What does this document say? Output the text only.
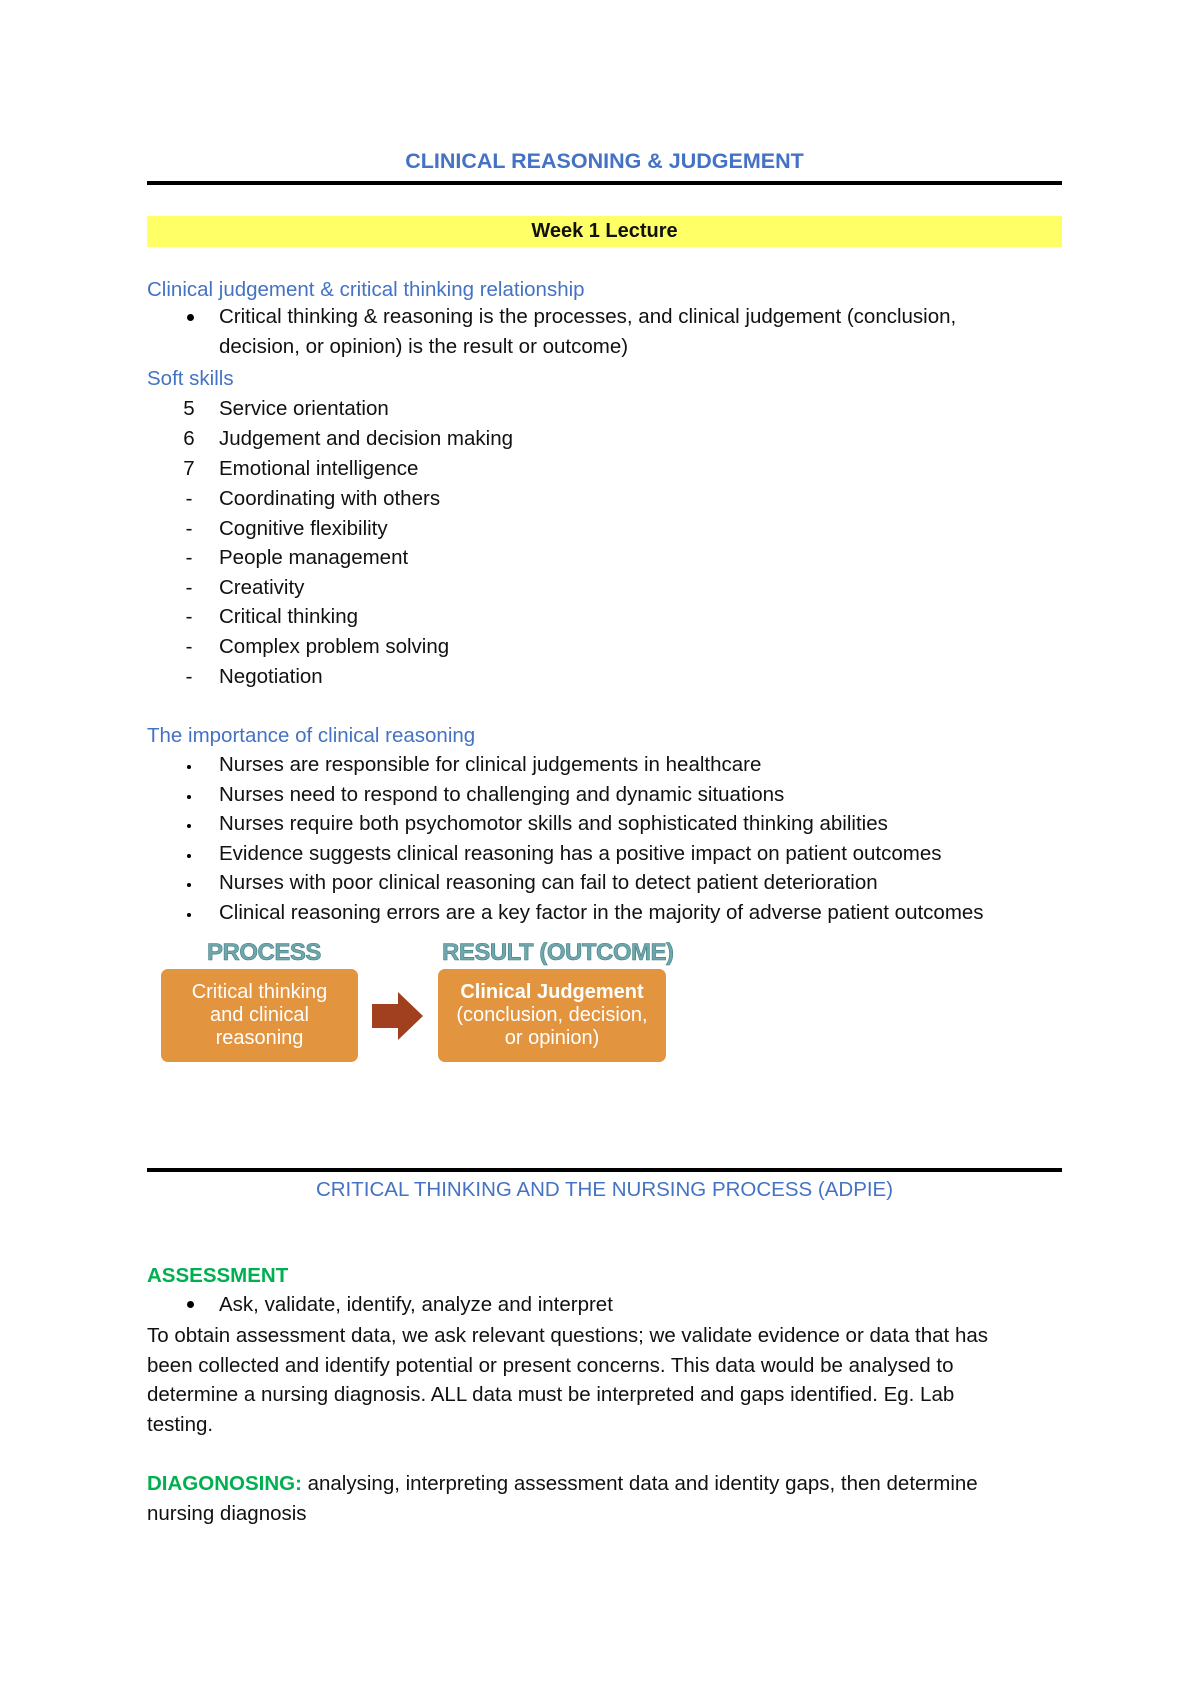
CLINICAL REASONING & JUDGEMENT
Week 1 Lecture
Clinical judgement & critical thinking relationship
Critical thinking & reasoning is the processes, and clinical judgement (conclusion,
decision, or opinion) is the result or outcome)
Soft skills
5	Service orientation
6	Judgement and decision making
7	Emotional intelligence
-	Coordinating with others
-	Cognitive flexibility
-	People management
-	Creativity
-	Critical thinking
-	Complex problem solving
-	Negotiation
The importance of clinical reasoning
Nurses are responsible for clinical judgements in healthcare
Nurses need to respond to challenging and dynamic situations
Nurses require both psychomotor skills and sophisticated thinking abilities
Evidence suggests clinical reasoning has a positive impact on patient outcomes
Nurses with poor clinical reasoning can fail to detect patient deterioration
Clinical reasoning errors are a key factor in the majority of adverse patient outcomes
PROCESS	RESULT (OUTCOME)
Critical thinking
and clinical
reasoning
Clinical Judgement
(conclusion, decision,
or opinion)
CRITICAL THINKING AND THE NURSING PROCESS (ADPIE)
ASSESSMENT
Ask, validate, identify, analyze and interpret
To obtain assessment data, we ask relevant questions; we validate evidence or data that has
been collected and identify potential or present concerns. This data would be analysed to
determine a nursing diagnosis. ALL data must be interpreted and gaps identified. Eg. Lab
testing.
DIAGONOSING: analysing, interpreting assessment data and identity gaps, then determine
nursing diagnosis
